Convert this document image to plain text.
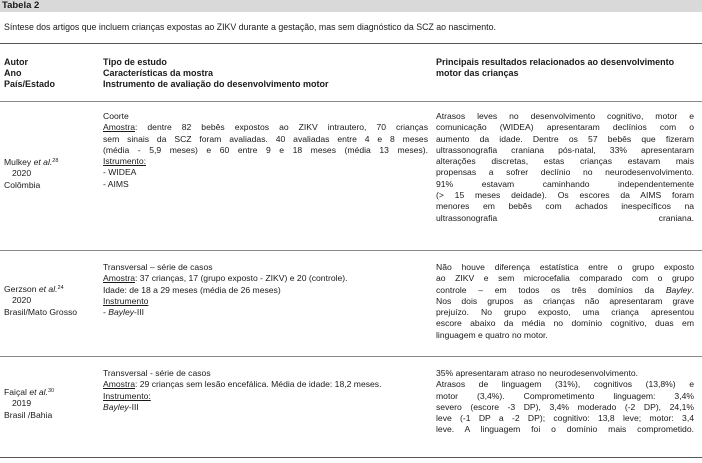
Tabela 2
Síntese dos artigos que incluem crianças expostas ao ZIKV durante a gestação, mas sem diagnóstico da SCZ ao nascimento.
Autor
Ano
País/Estado
Tipo de estudo
Características da mostra
Instrumento de avaliação do desenvolvimento motor
Principais resultados relacionados ao desenvolvimento
motor das crianças
Mulkey et al.$^{28}$
2020
Colômbia
Coorte
Amostra: dentre 82 bebês expostos ao ZIKV intrautero, 70 crianças
sem sinais da SCZ foram avaliadas. 40 avaliadas entre 4 e 8 meses
(média - 5,9 meses) e 60 entre 9 e 18 meses (média 13 meses).
Istrumento:
- WIDEA
- AIMS
Atrasos leves no desenvolvimento cognitivo, motor e
comunicação (WIDEA) apresentaram declínios com o
aumento da idade. Dentre os 57 bebês que fizeram
ultrassonografia craniana pós-natal, 33% apresentaram
alterações discretas, estas crianças estavam mais
propensas a sofrer declínio no neurodesenvolvimento.
91% estavam caminhando independentemente
(> 15 meses deidade). Os escores da AIMS foram
menores em bebês com achados inespecíficos na
ultrassonografia craniana.
Gerzson et al.$^{24}$
2020
Brasil/Mato Grosso
Transversal – série de casos
Amostra: 37 crianças, 17 (grupo exposto - ZIKV) e 20 (controle).
Idade: de 18 a 29 meses (média de 26 meses)
Instrumento
- Bayley-III
Não houve diferença estatística entre o grupo exposto
ao ZIKV e sem microcefalia comparado com o grupo
controle – em todos os três domínios da Bayley.
Nos dois grupos as crianças não apresentaram grave
prejuízo. No grupo exposto, uma criança apresentou
escore abaixo da média no domínio cognitivo, duas em
linguagem e quatro no motor.
Faiçal et al.$^{30}$
2019
Brasil /Bahia
Transversal - série de casos
Amostra: 29 crianças sem lesão encefálica. Média de idade: 18,2 meses.
Instrumento:
Bayley-III
35% apresentaram atraso no neurodesenvolvimento.
Atrasos de linguagem (31%), cognitivos (13,8%) e
motor (3,4%). Comprometimento linguagem: 3,4%
severo (escore -3 DP), 3,4% moderado (-2 DP), 24,1%
leve (-1 DP a -2 DP); cognitivo: 13,8 leve; motor: 3,4
leve. A linguagem foi o domínio mais comprometido.
